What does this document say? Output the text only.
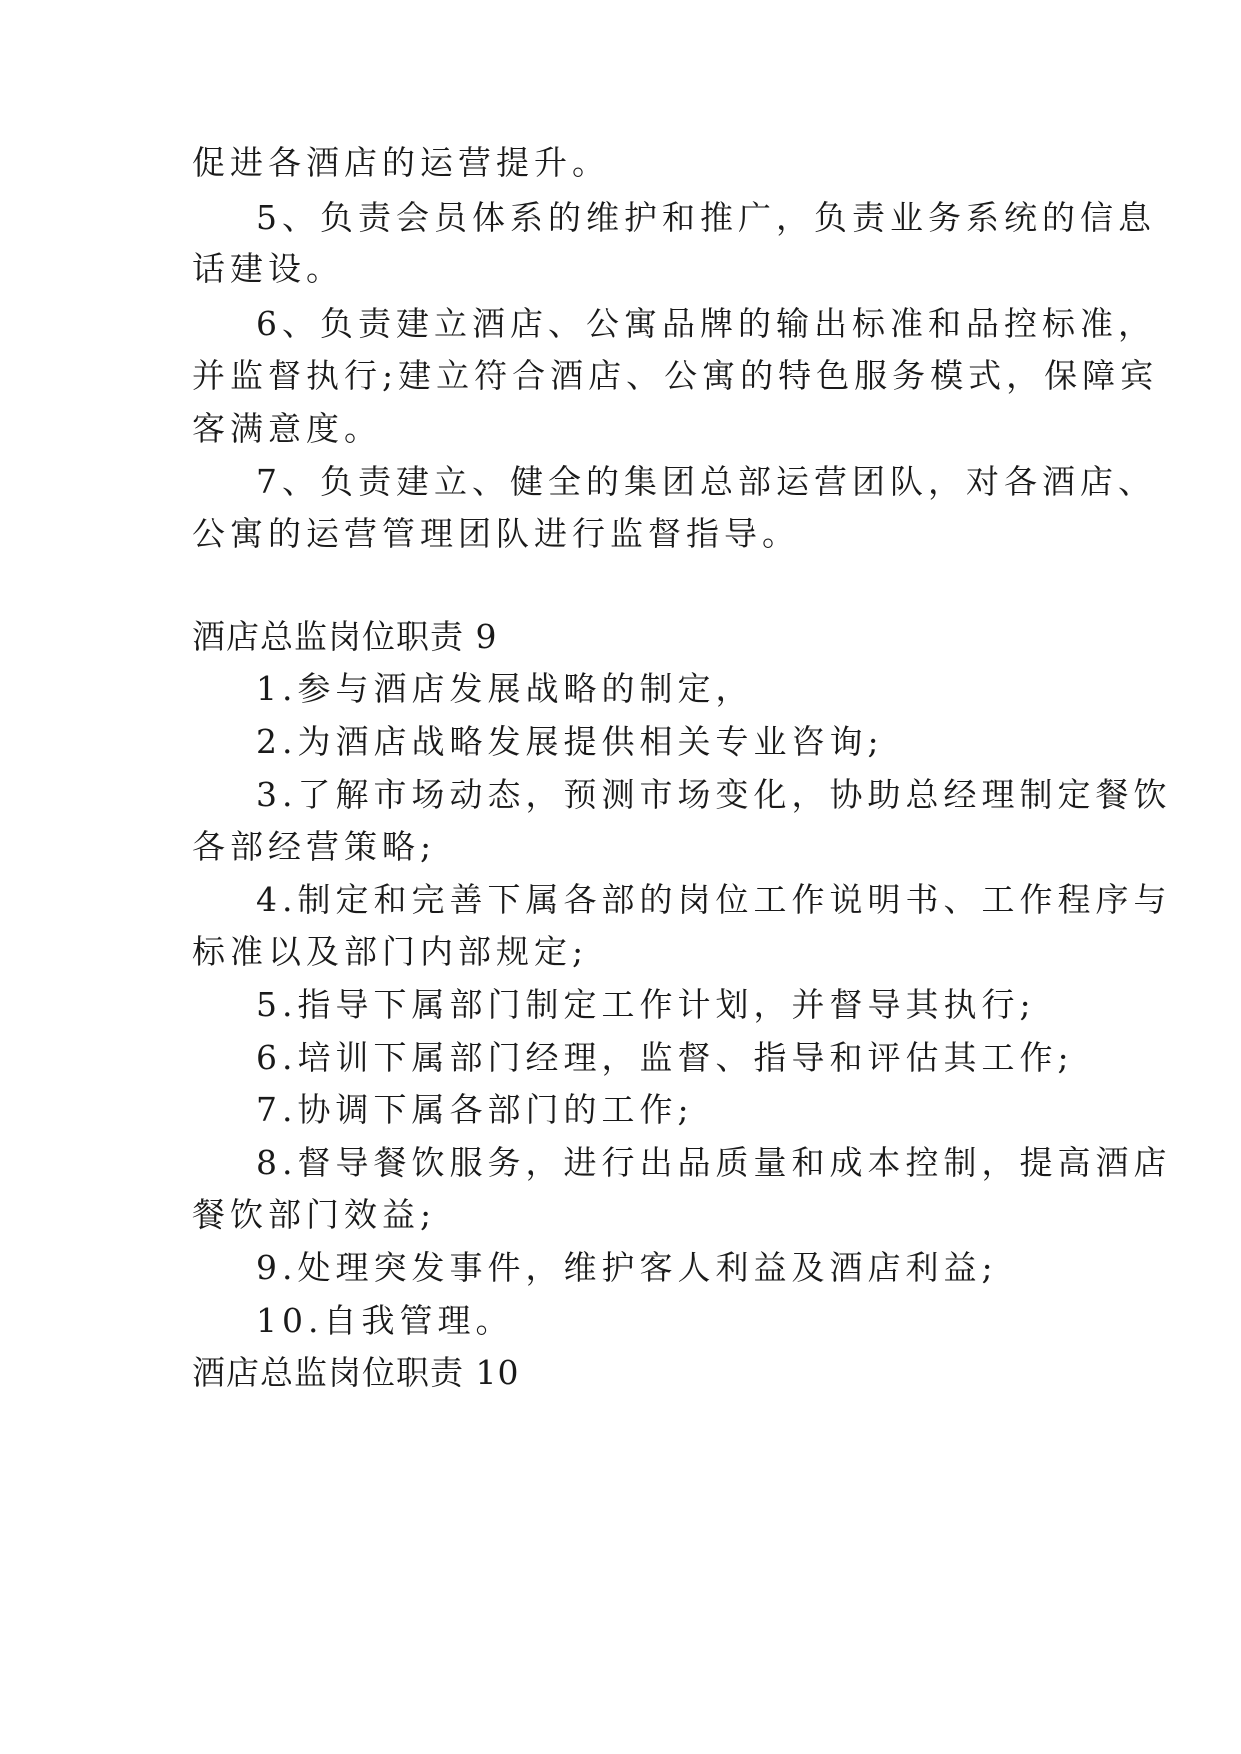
促进各酒店的运营提升。
5、负责会员体系的维护和推广，负责业务系统的信息
话建设。
6、负责建立酒店、公寓品牌的输出标准和品控标准，
并监督执行;建立符合酒店、公寓的特色服务模式，保障宾
客满意度。
7、负责建立、健全的集团总部运营团队，对各酒店、
公寓的运营管理团队进行监督指导。
酒店总监岗位职责 9
1.参与酒店发展战略的制定，
2.为酒店战略发展提供相关专业咨询;
3.了解市场动态，预测市场变化，协助总经理制定餐饮
各部经营策略;
4.制定和完善下属各部的岗位工作说明书、工作程序与
标准以及部门内部规定;
5.指导下属部门制定工作计划，并督导其执行;
6.培训下属部门经理，监督、指导和评估其工作;
7.协调下属各部门的工作;
8.督导餐饮服务，进行出品质量和成本控制，提高酒店
餐饮部门效益;
9.处理突发事件，维护客人利益及酒店利益;
10.自我管理。
酒店总监岗位职责 10
